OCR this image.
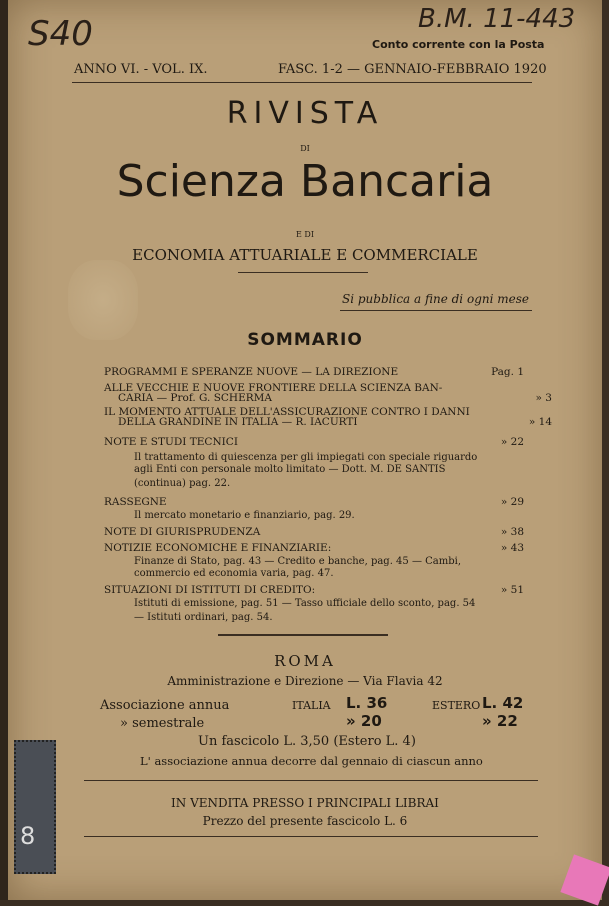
S40	B.M. 11-443
Conto corrente con la Posta
ANNO VI. - VOL. IX.	FASC. 1-2 — GENNAIO-FEBBRAIO 1920
RIVISTA
DI
Scienza Bancaria
E DI
ECONOMIA ATTUARIALE E COMMERCIALE
Si pubblica a fine di ogni mese
SOMMARIO
PROGRAMMI E SPERANZE NUOVE — LA DIREZIONE	Pag. 1
ALLE VECCHIE E NUOVE FRONTIERE DELLA SCIENZA BAN-
CARIA — Prof. G. SCHERMA	» 3
IL MOMENTO ATTUALE DELL'ASSICURAZIONE CONTRO I DANNI
DELLA GRANDINE IN ITALIA — R. IACURTI	» 14
NOTE E STUDI TECNICI	» 22
Il trattamento di quiescenza per gli impiegati con speciale riguardo
agli Enti con personale molto limitato — Dott. M. DE SANTIS
(continua) pag. 22.
RASSEGNE	» 29
Il mercato monetario e finanziario, pag. 29.
NOTE DI GIURISPRUDENZA	» 38
NOTIZIE ECONOMICHE E FINANZIARIE:	» 43
Finanze di Stato, pag. 43 — Credito e banche, pag. 45 — Cambi,
commercio ed economia varia, pag. 47.
SITUAZIONI DI ISTITUTI DI CREDITO:	» 51
Istituti di emissione, pag. 51 — Tasso ufficiale dello sconto, pag. 54
— Istituti ordinari, pag. 54.
ROMA
Amministrazione e Direzione — Via Flavia 42
Associazione annua	ITALIA L. 36	ESTERO L. 42
» semestrale	» 20	» 22
Un fascicolo L. 3,50 (Estero L. 4)
L' associazione annua decorre dal gennaio di ciascun anno
IN VENDITA PRESSO I PRINCIPALI LIBRAI
Prezzo del presente fascicolo L. 6
8
